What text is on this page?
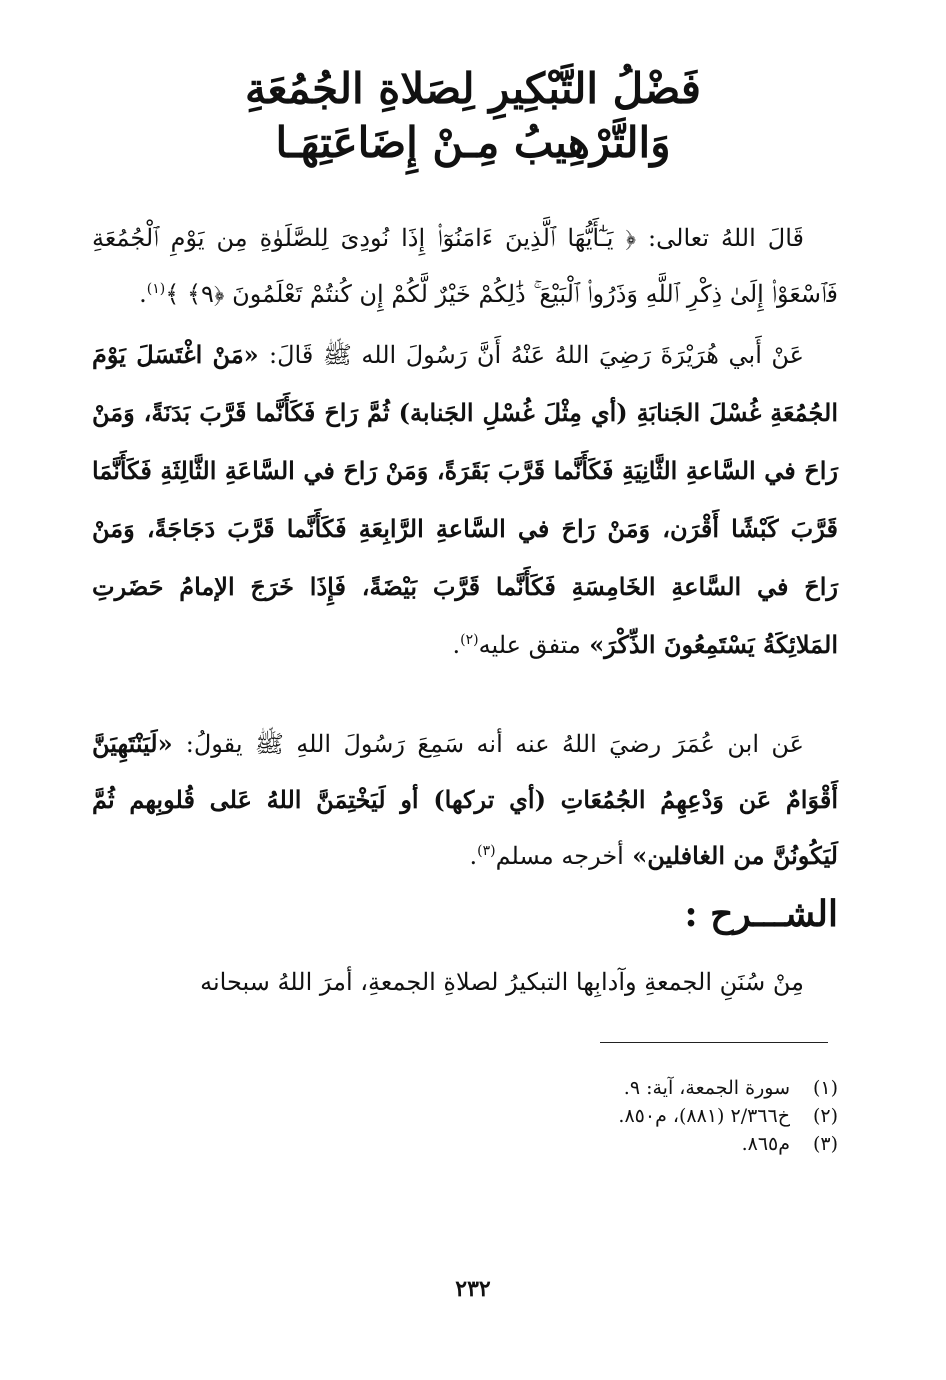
فَضْلُ التَّبْكِيرِ لِصَلاةِ الجُمُعَةِ
وَالتَّرْهِيبُ مِـنْ إِضَاعَتِهَـا

قَالَ اللهُ تعالى: ﴿ يَـٰٓأَيُّهَا ٱلَّذِينَ ءَامَنُوٓا۟ إِذَا نُودِىَ لِلصَّلَوٰةِ مِن يَوْمِ ٱلْجُمُعَةِ فَٱسْعَوْا۟ إِلَىٰ ذِكْرِ ٱللَّهِ وَذَرُوا۟ ٱلْبَيْعَ ۚ ذَٰلِكُمْ خَيْرٌ لَّكُمْ إِن كُنتُمْ تَعْلَمُونَ ﴿٩﴾ ﴾$^{(١)}$.

عَنْ أَبي هُرَيْرَةَ رَضِيَ اللهُ عَنْهُ أَنَّ رَسُولَ الله ﷺ قَالَ: «مَنْ اغْتَسَلَ يَوْمَ الجُمُعَةِ غُسْلَ الجَنابَةِ (أي مِثْلَ غُسْلِ الجَنابة) ثُمَّ رَاحَ فَكَأَنَّما قَرَّبَ بَدَنَةً، وَمَنْ رَاحَ في السَّاعةِ الثَّانِيَةِ فَكَأَنَّما قَرَّبَ بَقَرَةً، وَمَنْ رَاحَ في السَّاعَةِ الثَّالِثَةِ فَكَأَنَّمَا قَرَّبَ كَبْشًا أَقْرَن، وَمَنْ رَاحَ في السَّاعةِ الرَّابِعَةِ فَكَأَنَّما قَرَّبَ دَجَاجَةً، وَمَنْ رَاحَ في السَّاعةِ الخَامِسَةِ فَكَأَنَّما قَرَّبَ بَيْضَةً، فَإِذَا خَرَجَ الإمامُ حَضَرتِ المَلائِكَةُ يَسْتَمِعُونَ الذِّكْرَ» متفق عليه$^{(٢)}$.

عَن ابن عُمَرَ رضيَ اللهُ عنه أنه سَمِعَ رَسُولَ اللهِ ﷺ يقولُ: «لَيَنْتَهِيَنَّ أَقْوَامٌ عَن وَدْعِهِمُ الجُمُعَاتِ (أي تركها) أو لَيَخْتِمَنَّ اللهُ عَلى قُلوبِهم ثُمَّ لَيَكُونُنَّ من الغافلين» أخرجه مسلم$^{(٣)}$.

الشـــرح :
مِنْ سُنَنِ الجمعةِ وآدابِها التبكيرُ لصلاةِ الجمعةِ، أمرَ اللهُ سبحانه
(١)
سورة الجمعة، آية: ٩.
(٢)
خ٢/٣٦٦ (٨٨١)، م٨٥٠.
(٣)
م٨٦٥.
٢٣٢
